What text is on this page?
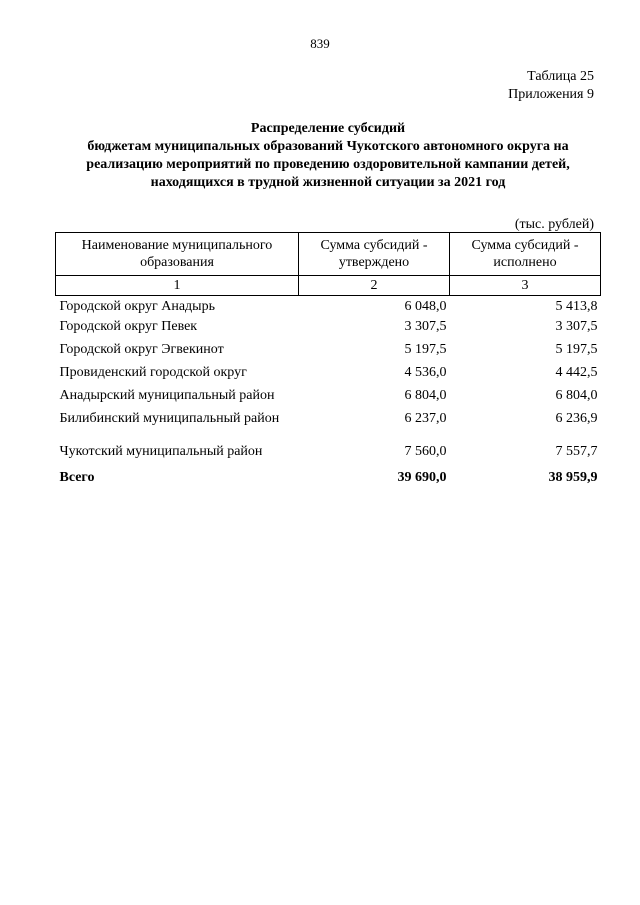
839
Таблица 25
Приложения 9
Распределение субсидий
бюджетам муниципальных образований Чукотского автономного округа на реализацию мероприятий по проведению оздоровительной кампании детей, находящихся в трудной жизненной ситуации за 2021 год
(тыс. рублей)
Наименование муниципального образования	Сумма субсидий - утверждено	Сумма субсидий - исполнено
1	2	3
Городской округ Анадырь	6 048,0	5 413,8
Городской округ Певек	3 307,5	3 307,5
Городской округ Эгвекинот	5 197,5	5 197,5
Провиденский городской округ	4 536,0	4 442,5
Анадырский муниципальный район	6 804,0	6 804,0
Билибинский муниципальный район	6 237,0	6 236,9
Чукотский муниципальный район	7 560,0	7 557,7
Всего	39 690,0	38 959,9
